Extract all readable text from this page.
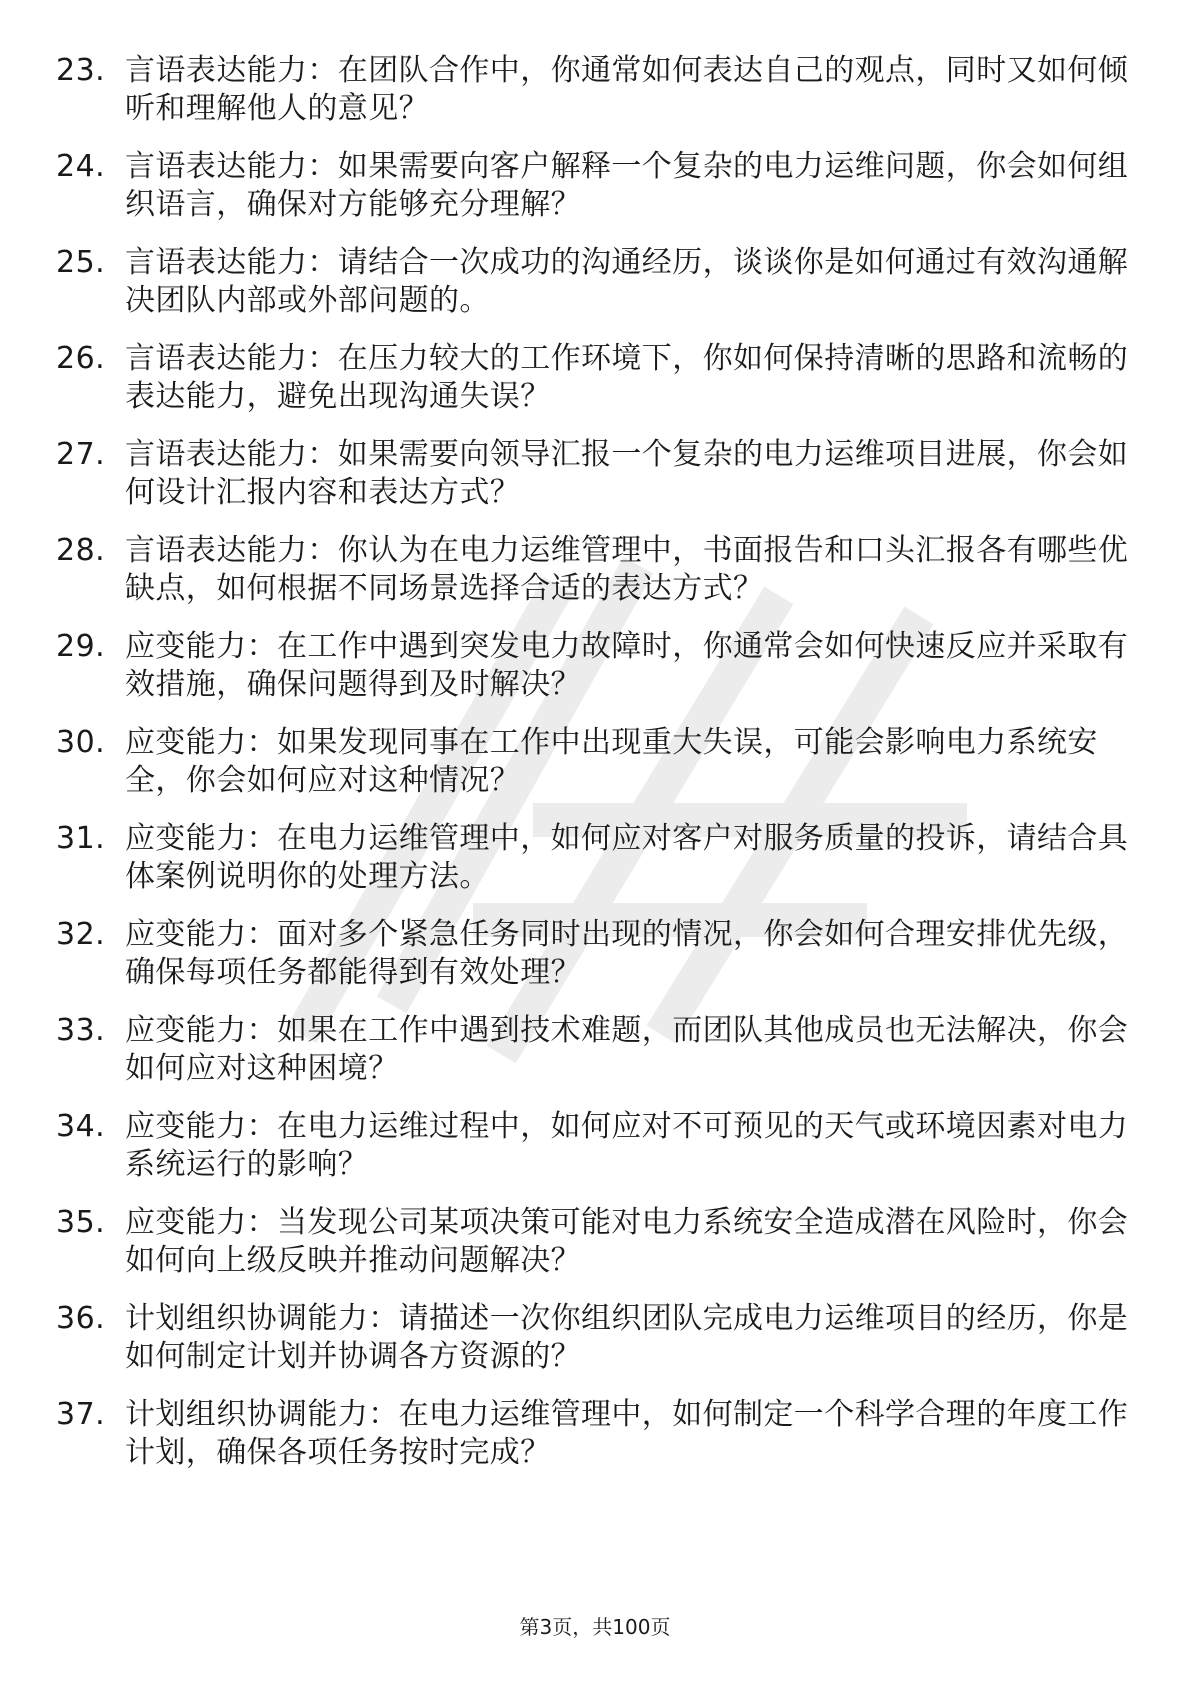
23. 言语表达能力：在团队合作中，你通常如何表达自己的观点，同时又如何倾听和理解他人的意见？
24. 言语表达能力：如果需要向客户解释一个复杂的电力运维问题，你会如何组织语言，确保对方能够充分理解？
25. 言语表达能力：请结合一次成功的沟通经历，谈谈你是如何通过有效沟通解决团队内部或外部问题的。
26. 言语表达能力：在压力较大的工作环境下，你如何保持清晰的思路和流畅的表达能力，避免出现沟通失误？
27. 言语表达能力：如果需要向领导汇报一个复杂的电力运维项目进展，你会如何设计汇报内容和表达方式？
28. 言语表达能力：你认为在电力运维管理中，书面报告和口头汇报各有哪些优缺点，如何根据不同场景选择合适的表达方式？
29. 应变能力：在工作中遇到突发电力故障时，你通常会如何快速反应并采取有效措施，确保问题得到及时解决？
30. 应变能力：如果发现同事在工作中出现重大失误，可能会影响电力系统安全，你会如何应对这种情况？
31. 应变能力：在电力运维管理中，如何应对客户对服务质量的投诉，请结合具体案例说明你的处理方法。
32. 应变能力：面对多个紧急任务同时出现的情况，你会如何合理安排优先级，确保每项任务都能得到有效处理？
33. 应变能力：如果在工作中遇到技术难题，而团队其他成员也无法解决，你会如何应对这种困境？
34. 应变能力：在电力运维过程中，如何应对不可预见的天气或环境因素对电力系统运行的影响？
35. 应变能力：当发现公司某项决策可能对电力系统安全造成潜在风险时，你会如何向上级反映并推动问题解决？
36. 计划组织协调能力：请描述一次你组织团队完成电力运维项目的经历，你是如何制定计划并协调各方资源的？
37. 计划组织协调能力：在电力运维管理中，如何制定一个科学合理的年度工作计划，确保各项任务按时完成？
第3页，共100页
